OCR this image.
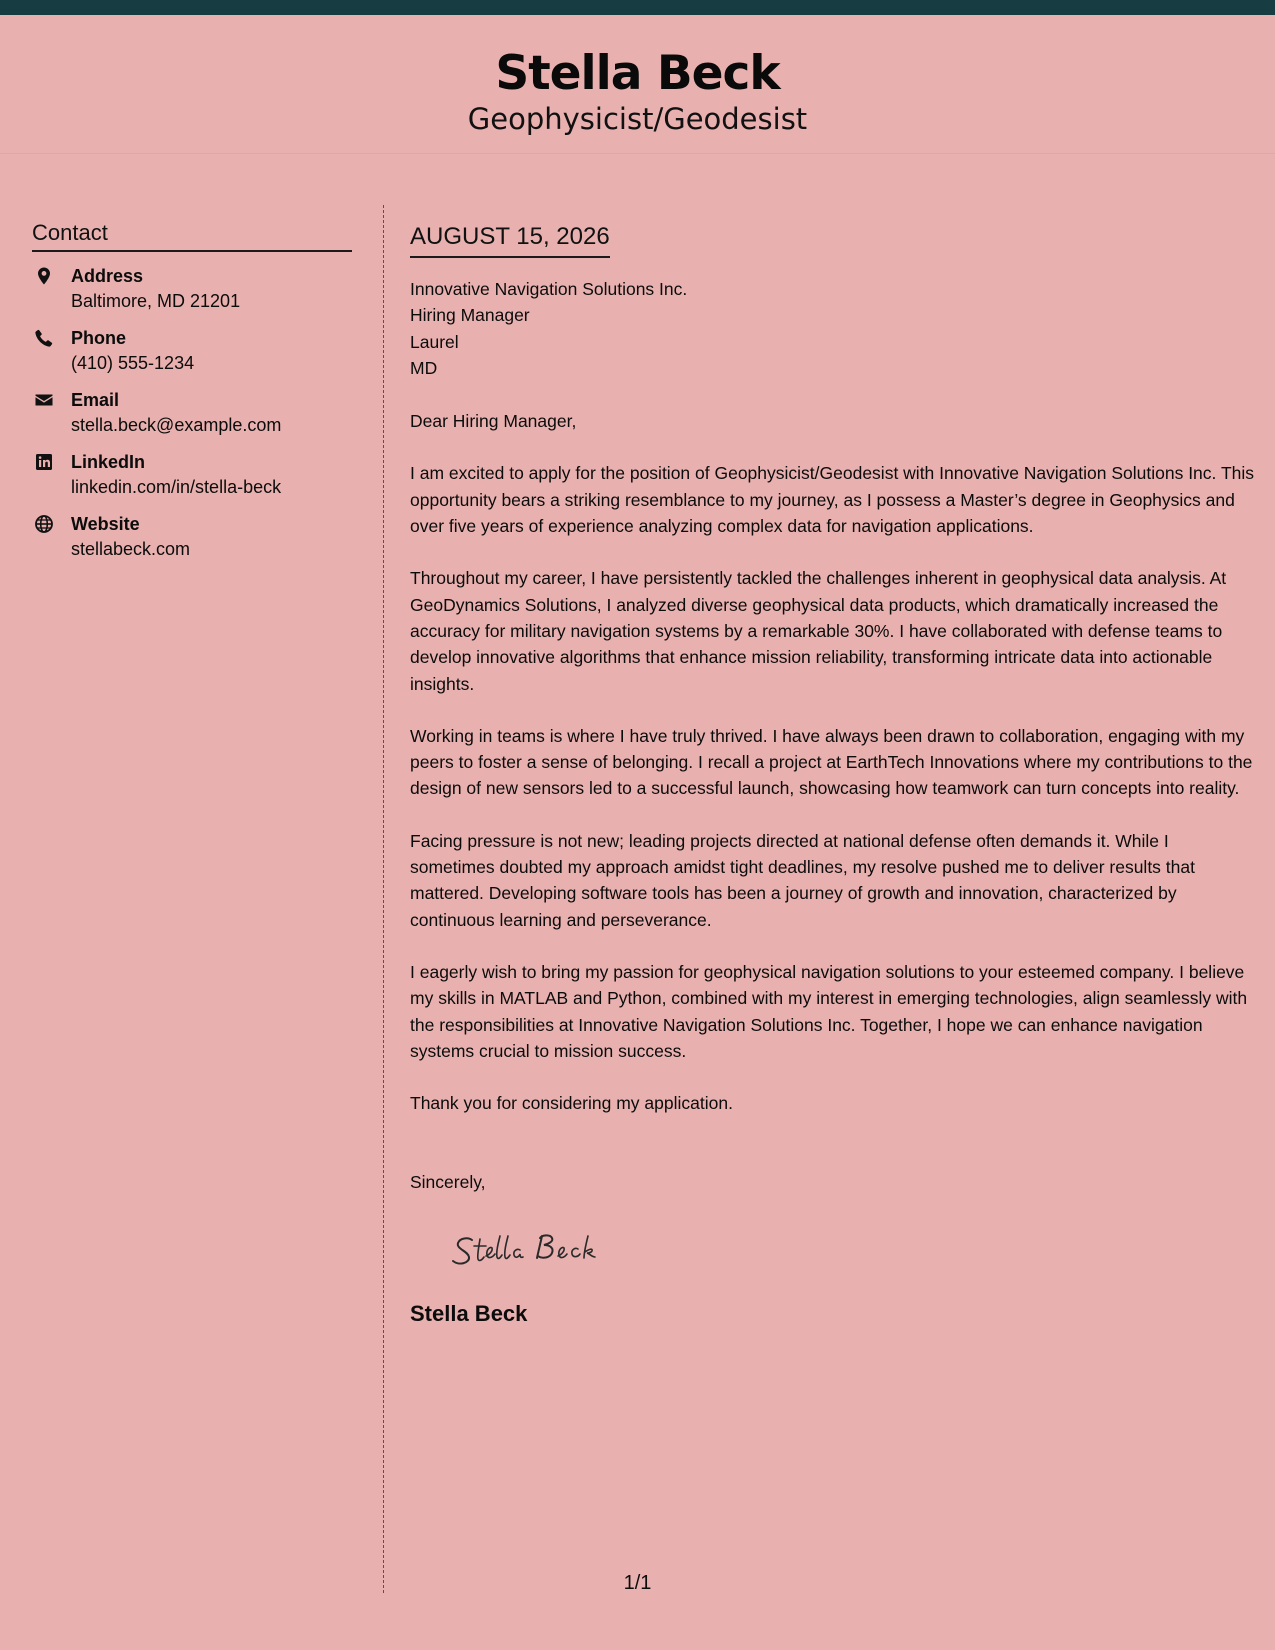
Stella Beck
Geophysicist/Geodesist
Contact
Address
Baltimore, MD 21201
Phone
(410) 555-1234
Email
stella.beck@example.com
LinkedIn
linkedin.com/in/stella-beck
Website
stellabeck.com
AUGUST 15, 2026
Innovative Navigation Solutions Inc.
Hiring Manager
Laurel
MD
Dear Hiring Manager,
I am excited to apply for the position of Geophysicist/Geodesist with Innovative Navigation Solutions Inc. This opportunity bears a striking resemblance to my journey, as I possess a Master’s degree in Geophysics and over five years of experience analyzing complex data for navigation applications.
Throughout my career, I have persistently tackled the challenges inherent in geophysical data analysis. At GeoDynamics Solutions, I analyzed diverse geophysical data products, which dramatically increased the accuracy for military navigation systems by a remarkable 30%. I have collaborated with defense teams to develop innovative algorithms that enhance mission reliability, transforming intricate data into actionable insights.
Working in teams is where I have truly thrived. I have always been drawn to collaboration, engaging with my peers to foster a sense of belonging. I recall a project at EarthTech Innovations where my contributions to the design of new sensors led to a successful launch, showcasing how teamwork can turn concepts into reality.
Facing pressure is not new; leading projects directed at national defense often demands it. While I sometimes doubted my approach amidst tight deadlines, my resolve pushed me to deliver results that mattered. Developing software tools has been a journey of growth and innovation, characterized by continuous learning and perseverance.
I eagerly wish to bring my passion for geophysical navigation solutions to your esteemed company. I believe my skills in MATLAB and Python, combined with my interest in emerging technologies, align seamlessly with the responsibilities at Innovative Navigation Solutions Inc. Together, I hope we can enhance navigation systems crucial to mission success.
Thank you for considering my application.
Sincerely,
Stella Beck
1/1
